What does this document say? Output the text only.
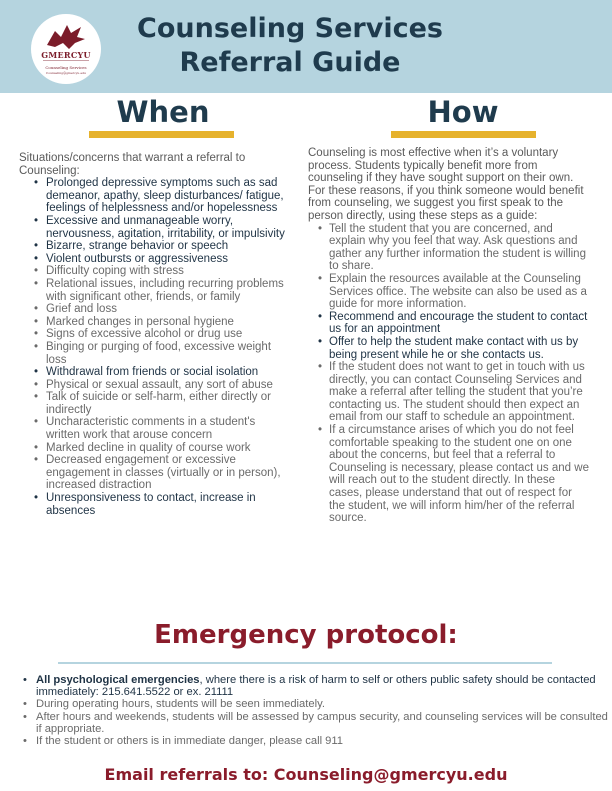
GMERCYU
Counseling Services
Counseling@gmercyu.edu
Counseling Services
Referral Guide
When	How
Situations/concerns that warrant a referral to Counseling:
• Prolonged depressive symptoms such as sad demeanor, apathy, sleep disturbances/ fatigue, feelings of helplessness and/or hopelessness
• Excessive and unmanageable worry, nervousness, agitation, irritability, or impulsivity
• Bizarre, strange behavior or speech
• Violent outbursts or aggressiveness
• Difficulty coping with stress
• Relational issues, including recurring problems with significant other, friends, or family
• Grief and loss
• Marked changes in personal hygiene
• Signs of excessive alcohol or drug use
• Binging or purging of food, excessive weight loss
• Withdrawal from friends or social isolation
• Physical or sexual assault, any sort of abuse
• Talk of suicide or self-harm, either directly or indirectly
• Uncharacteristic comments in a student's written work that arouse concern
• Marked decline in quality of course work
• Decreased engagement or excessive engagement in classes (virtually or in person), increased distraction
• Unresponsiveness to contact, increase in absences
Counseling is most effective when it’s a voluntary process. Students typically benefit more from counseling if they have sought support on their own. For these reasons, if you think someone would benefit from counseling, we suggest you first speak to the person directly, using these steps as a guide:
• Tell the student that you are concerned, and explain why you feel that way. Ask questions and gather any further information the student is willing to share.
• Explain the resources available at the Counseling Services office. The website can also be used as a guide for more information.
• Recommend and encourage the student to contact us for an appointment
• Offer to help the student make contact with us by being present while he or she contacts us.
• If the student does not want to get in touch with us directly, you can contact Counseling Services and make a referral after telling the student that you’re contacting us. The student should then expect an email from our staff to schedule an appointment.
• If a circumstance arises of which you do not feel comfortable speaking to the student one on one about the concerns, but feel that a referral to Counseling is necessary, please contact us and we will reach out to the student directly. In these cases, please understand that out of respect for the student, we will inform him/her of the referral source.
Emergency protocol:
• All psychological emergencies, where there is a risk of harm to self or others public safety should be contacted immediately: 215.641.5522 or ex. 21111
• During operating hours, students will be seen immediately.
• After hours and weekends, students will be assessed by campus security, and counseling services will be consulted if appropriate.
• If the student or others is in immediate danger, please call 911
Email referrals to: Counseling@gmercyu.edu
